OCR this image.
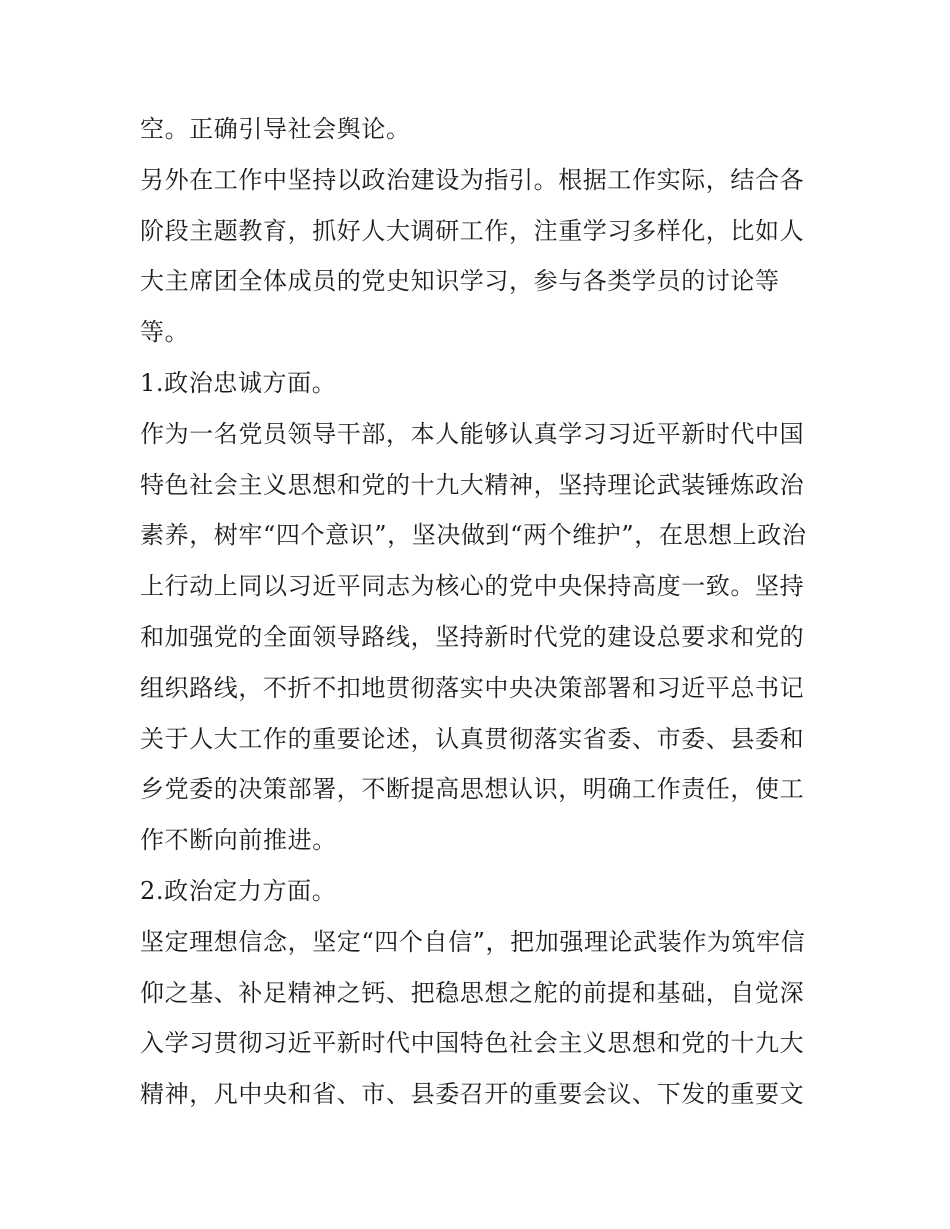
空。正确引导社会舆论。
另外在工作中坚持以政治建设为指引。根据工作实际，结合各
阶段主题教育，抓好人大调研工作，注重学习多样化，比如人
大主席团全体成员的党史知识学习，参与各类学员的讨论等
等。
1.政治忠诚方面。
作为一名党员领导干部，本人能够认真学习习近平新时代中国
特色社会主义思想和党的十九大精神，坚持理论武装锤炼政治
素养，树牢“四个意识”，坚决做到“两个维护”，在思想上政治
上行动上同以习近平同志为核心的党中央保持高度一致。坚持
和加强党的全面领导路线，坚持新时代党的建设总要求和党的
组织路线，不折不扣地贯彻落实中央决策部署和习近平总书记
关于人大工作的重要论述，认真贯彻落实省委、市委、县委和
乡党委的决策部署，不断提高思想认识，明确工作责任，使工
作不断向前推进。
2.政治定力方面。
坚定理想信念，坚定“四个自信”，把加强理论武装作为筑牢信
仰之基、补足精神之钙、把稳思想之舵的前提和基础，自觉深
入学习贯彻习近平新时代中国特色社会主义思想和党的十九大
精神，凡中央和省、市、县委召开的重要会议、下发的重要文
